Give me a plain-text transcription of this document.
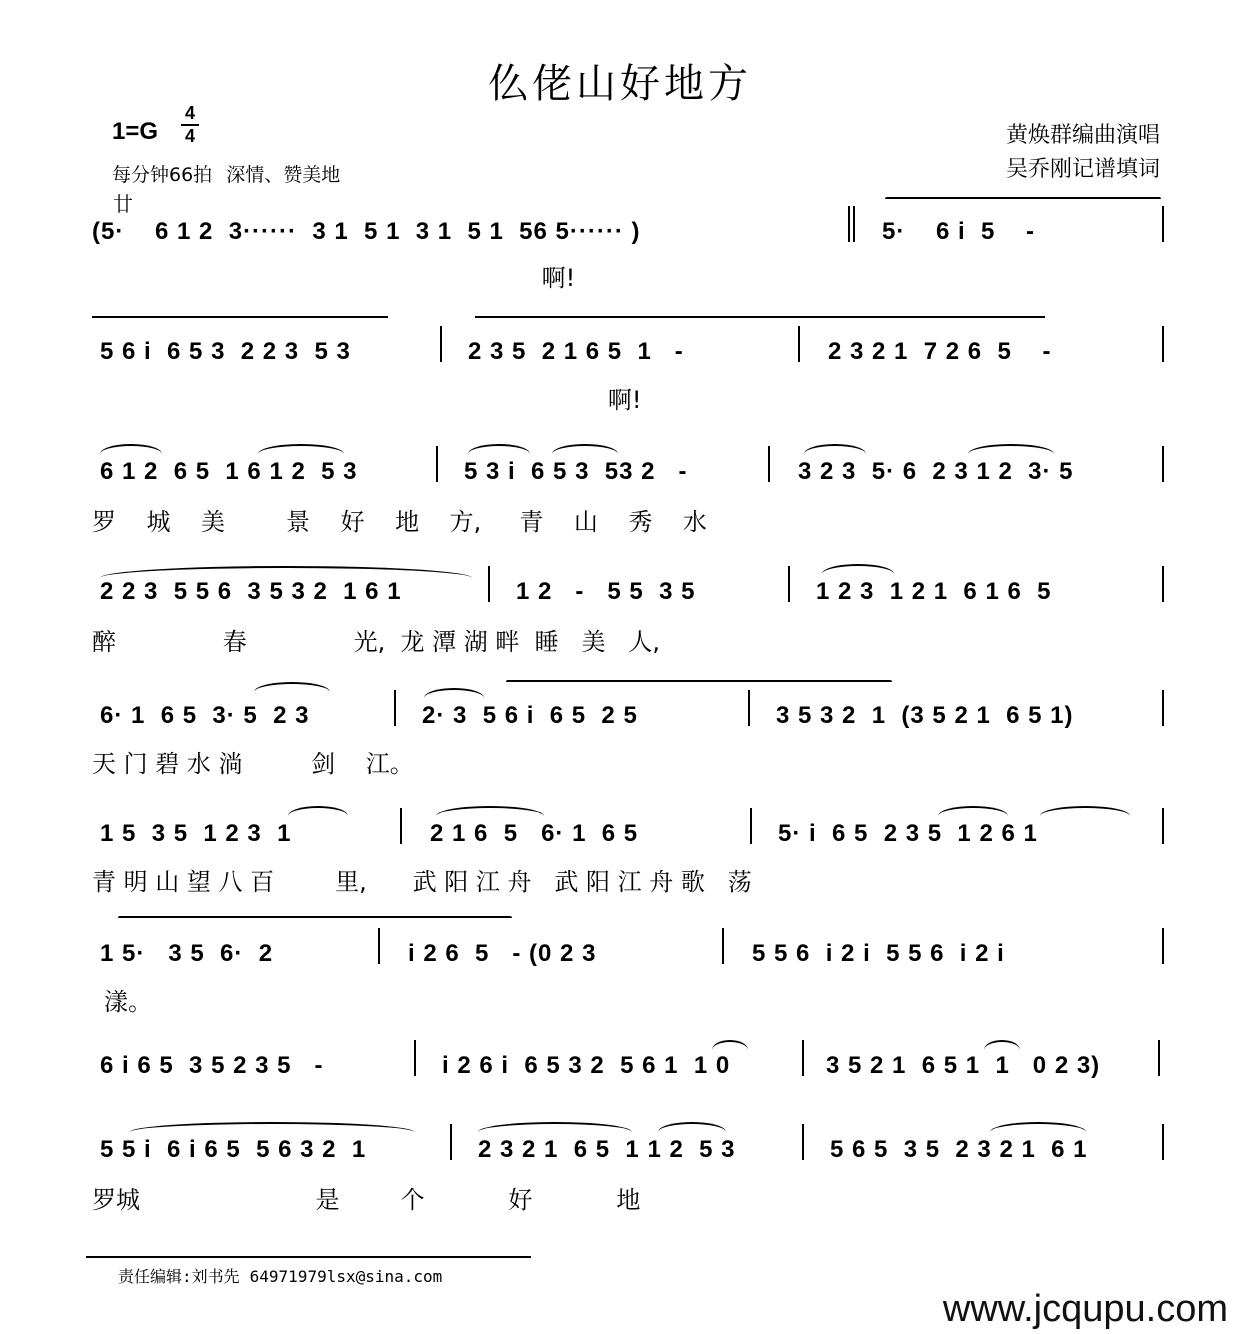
仫佬山好地方
1=G
4
4
每分钟66拍 深情、赞美地
廿
黄焕群编曲演唱
吴乔刚记谱填词
(5·    6 1 2  3······  3 1  5 1  3 1  5 1  56 5······ )	5·    6 i  5    -
啊!
5 6 i  6 5 3  2 2 3  5 3	2 3 5  2 1 6 5  1   -	2 3 2 1  7 2 6  5    -
啊!
6 1 2  6 5  1 6 1 2  5 3	5 3 i  6 5 3  53 2   -	3 2 3  5· 6  2 3 1 2  3· 5
罗    城    美        景    好    地    方,     青    山    秀    水
2 2 3  5 5 6  3 5 3 2  1 6 1	1 2   -   5 5  3 5	1 2 3  1 2 1  6 1 6  5
醉              春              光,  龙 潭 湖 畔  睡   美   人,
6· 1  6 5  3· 5  2 3	2· 3  5 6 i  6 5  2 5	3 5 3 2  1  (3 5 2 1  6 5 1)
天 门 碧 水 淌         剑    江。
1 5  3 5  1 2 3  1	2 1 6  5   6· 1  6 5	5· i  6 5  2 3 5  1 2 6 1
青 明 山 望 八 百        里,      武 阳 江 舟   武 阳 江 舟 歌   荡
1 5·   3 5  6·  2	i 2 6  5   - (0 2 3	5 5 6  i 2 i  5 5 6  i 2 i
漾。
6 i 6 5  3 5 2 3 5   -	i 2 6 i  6 5 3 2  5 6 1  1 0	3 5 2 1  6 5 1  1   0 2 3)
5 5 i  6 i 6 5  5 6 3 2  1	2 3 2 1  6 5  1 1 2  5 3	5 6 5  3 5  2 3 2 1  6 1
罗城                       是        个           好           地
责任编辑:刘书先 64971979lsx@sina.com
www.jcqupu.com
